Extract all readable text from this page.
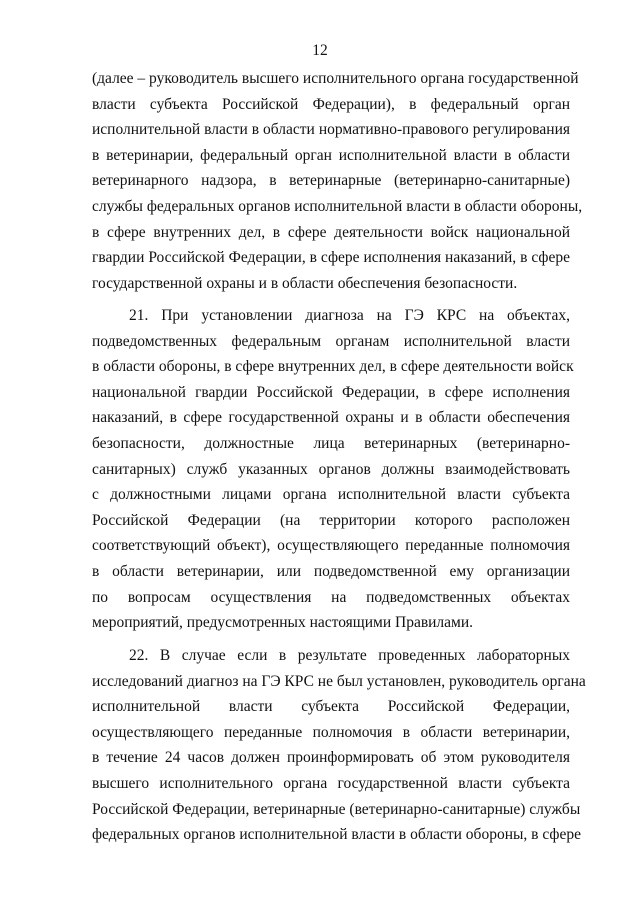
12
(далее – руководитель высшего исполнительного органа государственной
власти субъекта Российской Федерации), в федеральный орган
исполнительной власти в области нормативно-правового регулирования
в ветеринарии, федеральный орган исполнительной власти в области
ветеринарного надзора, в ветеринарные (ветеринарно-санитарные)
службы федеральных органов исполнительной власти в области обороны,
в сфере внутренних дел, в сфере деятельности войск национальной
гвардии Российской Федерации, в сфере исполнения наказаний, в сфере
государственной охраны и в области обеспечения безопасности.
21. При установлении диагноза на ГЭ КРС на объектах,
подведомственных федеральным органам исполнительной власти
в области обороны, в сфере внутренних дел, в сфере деятельности войск
национальной гвардии Российской Федерации, в сфере исполнения
наказаний, в сфере государственной охраны и в области обеспечения
безопасности, должностные лица ветеринарных (ветеринарно-
санитарных) служб указанных органов должны взаимодействовать
с должностными лицами органа исполнительной власти субъекта
Российской Федерации (на территории которого расположен
соответствующий объект), осуществляющего переданные полномочия
в области ветеринарии, или подведомственной ему организации
по вопросам осуществления на подведомственных объектах
мероприятий, предусмотренных настоящими Правилами.
22. В случае если в результате проведенных лабораторных
исследований диагноз на ГЭ КРС не был установлен, руководитель органа
исполнительной власти субъекта Российской Федерации,
осуществляющего переданные полномочия в области ветеринарии,
в течение 24 часов должен проинформировать об этом руководителя
высшего исполнительного органа государственной власти субъекта
Российской Федерации, ветеринарные (ветеринарно-санитарные) службы
федеральных органов исполнительной власти в области обороны, в сфере
